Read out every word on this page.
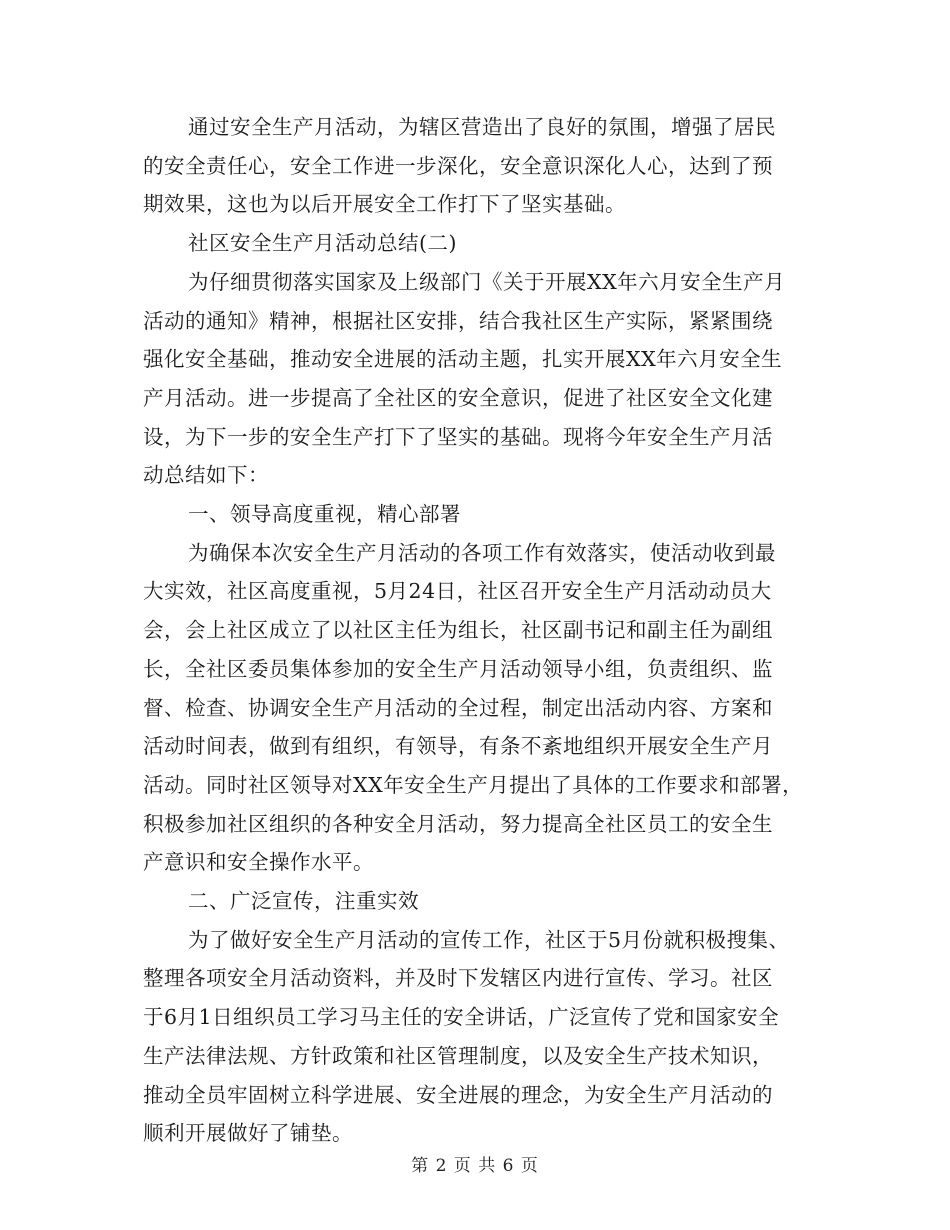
通过安全生产月活动，为辖区营造出了良好的氛围，增强了居民
的安全责任心，安全工作进一步深化，安全意识深化人心，达到了预
期效果，这也为以后开展安全工作打下了坚实基础。
社区安全生产月活动总结(二)
为仔细贯彻落实国家及上级部门《关于开展XX年六月安全生产月
活动的通知》精神，根据社区安排，结合我社区生产实际，紧紧围绕
强化安全基础，推动安全进展的活动主题，扎实开展XX年六月安全生
产月活动。进一步提高了全社区的安全意识，促进了社区安全文化建
设，为下一步的安全生产打下了坚实的基础。现将今年安全生产月活
动总结如下：
一、领导高度重视，精心部署
为确保本次安全生产月活动的各项工作有效落实，使活动收到最
大实效，社区高度重视，5月24日，社区召开安全生产月活动动员大
会，会上社区成立了以社区主任为组长，社区副书记和副主任为副组
长，全社区委员集体参加的安全生产月活动领导小组，负责组织、监
督、检查、协调安全生产月活动的全过程，制定出活动内容、方案和
活动时间表，做到有组织，有领导，有条不紊地组织开展安全生产月
活动。同时社区领导对XX年安全生产月提出了具体的工作要求和部署，
积极参加社区组织的各种安全月活动，努力提高全社区员工的安全生
产意识和安全操作水平。
二、广泛宣传，注重实效
为了做好安全生产月活动的宣传工作，社区于5月份就积极搜集、
整理各项安全月活动资料，并及时下发辖区内进行宣传、学习。社区
于6月1日组织员工学习马主任的安全讲话，广泛宣传了党和国家安全
生产法律法规、方针政策和社区管理制度，以及安全生产技术知识，
推动全员牢固树立科学进展、安全进展的理念，为安全生产月活动的
顺利开展做好了铺垫。
第 2 页 共 6 页
